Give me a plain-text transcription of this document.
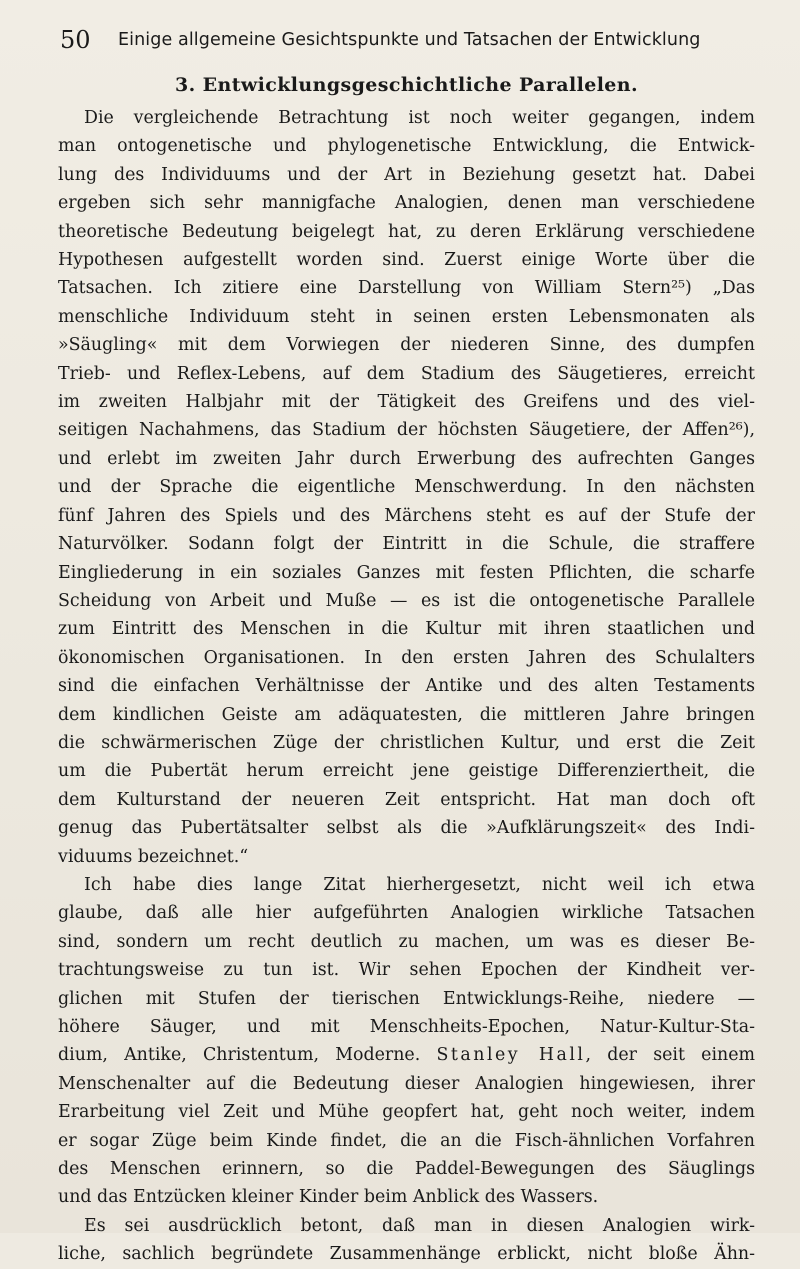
50 Einige allgemeine Gesichtspunkte und Tatsachen der Entwicklung
3. Entwicklungsgeschichtliche Parallelen.
Die vergleichende Betrachtung ist noch weiter gegangen, indem
man ontogenetische und phylogenetische Entwicklung, die Entwick-
lung des Individuums und der Art in Beziehung gesetzt hat. Dabei
ergeben sich sehr mannigfache Analogien, denen man verschiedene
theoretische Bedeutung beigelegt hat, zu deren Erklärung verschiedene
Hypothesen aufgestellt worden sind. Zuerst einige Worte über die
Tatsachen. Ich zitiere eine Darstellung von William Stern²⁵) „Das
menschliche Individuum steht in seinen ersten Lebensmonaten als
»Säugling« mit dem Vorwiegen der niederen Sinne, des dumpfen
Trieb- und Reflex-Lebens, auf dem Stadium des Säugetieres, erreicht
im zweiten Halbjahr mit der Tätigkeit des Greifens und des viel-
seitigen Nachahmens, das Stadium der höchsten Säugetiere, der Affen²⁶),
und erlebt im zweiten Jahr durch Erwerbung des aufrechten Ganges
und der Sprache die eigentliche Menschwerdung. In den nächsten
fünf Jahren des Spiels und des Märchens steht es auf der Stufe der
Naturvölker. Sodann folgt der Eintritt in die Schule, die straffere
Eingliederung in ein soziales Ganzes mit festen Pflichten, die scharfe
Scheidung von Arbeit und Muße — es ist die ontogenetische Parallele
zum Eintritt des Menschen in die Kultur mit ihren staatlichen und
ökonomischen Organisationen. In den ersten Jahren des Schulalters
sind die einfachen Verhältnisse der Antike und des alten Testaments
dem kindlichen Geiste am adäquatesten, die mittleren Jahre bringen
die schwärmerischen Züge der christlichen Kultur, und erst die Zeit
um die Pubertät herum erreicht jene geistige Differenziertheit, die
dem Kulturstand der neueren Zeit entspricht. Hat man doch oft
genug das Pubertätsalter selbst als die »Aufklärungszeit« des Indi-
viduums bezeichnet.“
Ich habe dies lange Zitat hierhergesetzt, nicht weil ich etwa
glaube, daß alle hier aufgeführten Analogien wirkliche Tatsachen
sind, sondern um recht deutlich zu machen, um was es dieser Be-
trachtungsweise zu tun ist. Wir sehen Epochen der Kindheit ver-
glichen mit Stufen der tierischen Entwicklungs-Reihe, niedere —
höhere Säuger, und mit Menschheits-Epochen, Natur-Kultur-Sta-
dium, Antike, Christentum, Moderne. Stanley Hall, der seit einem
Menschenalter auf die Bedeutung dieser Analogien hingewiesen, ihrer
Erarbeitung viel Zeit und Mühe geopfert hat, geht noch weiter, indem
er sogar Züge beim Kinde findet, die an die Fisch-ähnlichen Vorfahren
des Menschen erinnern, so die Paddel-Bewegungen des Säuglings
und das Entzücken kleiner Kinder beim Anblick des Wassers.
Es sei ausdrücklich betont, daß man in diesen Analogien wirk-
liche, sachlich begründete Zusammenhänge erblickt, nicht bloße Ähn-
